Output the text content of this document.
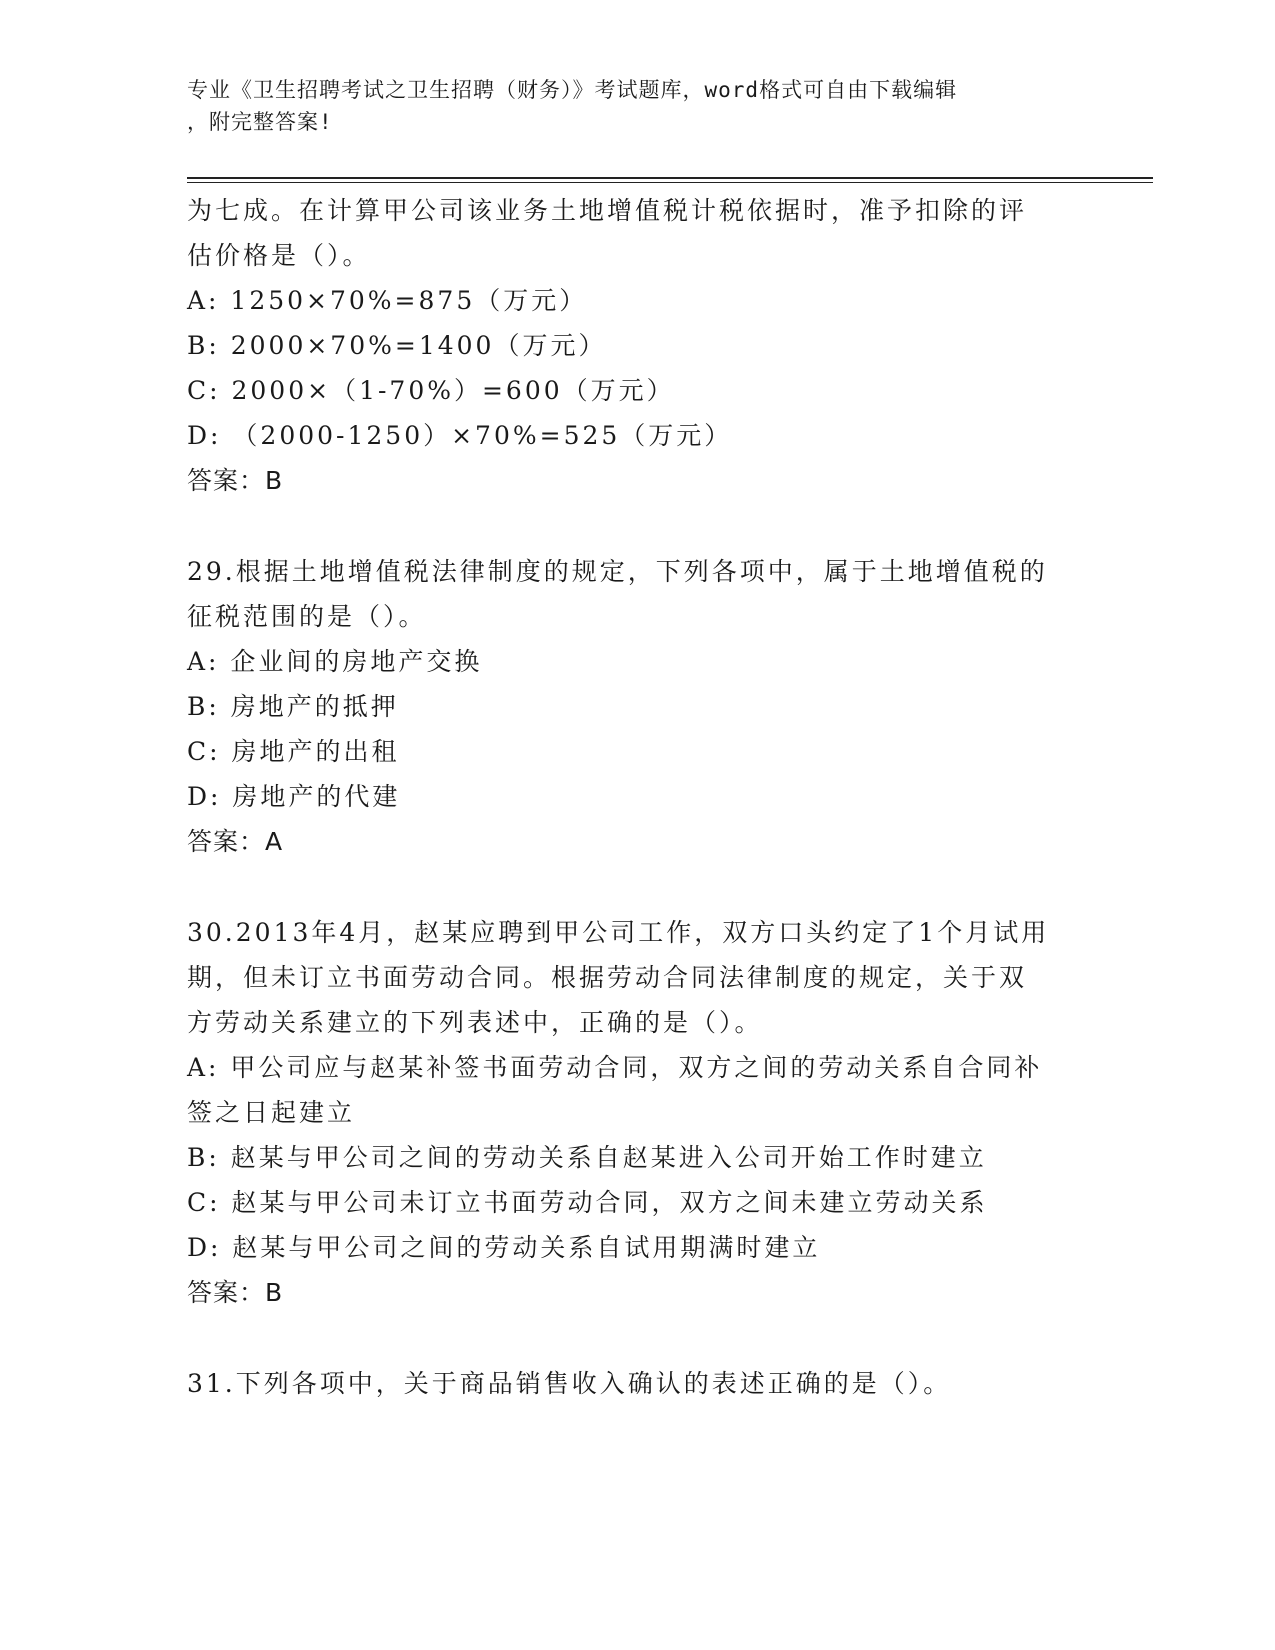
专业《卫生招聘考试之卫生招聘（财务）》考试题库，word格式可自由下载编辑
，附完整答案!
为七成。在计算甲公司该业务土地增值税计税依据时，准予扣除的评
估价格是（）。
A: 1250×70%=875（万元）
B: 2000×70%=1400（万元）
C: 2000×（1-70%）=600（万元）
D: （2000-1250）×70%=525（万元）
答案：B
29.根据土地增值税法律制度的规定，下列各项中，属于土地增值税的
征税范围的是（）。
A: 企业间的房地产交换
B: 房地产的抵押
C: 房地产的出租
D: 房地产的代建
答案：A
30.2013年4月，赵某应聘到甲公司工作，双方口头约定了1个月试用
期，但未订立书面劳动合同。根据劳动合同法律制度的规定，关于双
方劳动关系建立的下列表述中，正确的是（）。
A: 甲公司应与赵某补签书面劳动合同，双方之间的劳动关系自合同补
签之日起建立
B: 赵某与甲公司之间的劳动关系自赵某进入公司开始工作时建立
C: 赵某与甲公司未订立书面劳动合同，双方之间未建立劳动关系
D: 赵某与甲公司之间的劳动关系自试用期满时建立
答案：B
31.下列各项中，关于商品销售收入确认的表述正确的是（）。
